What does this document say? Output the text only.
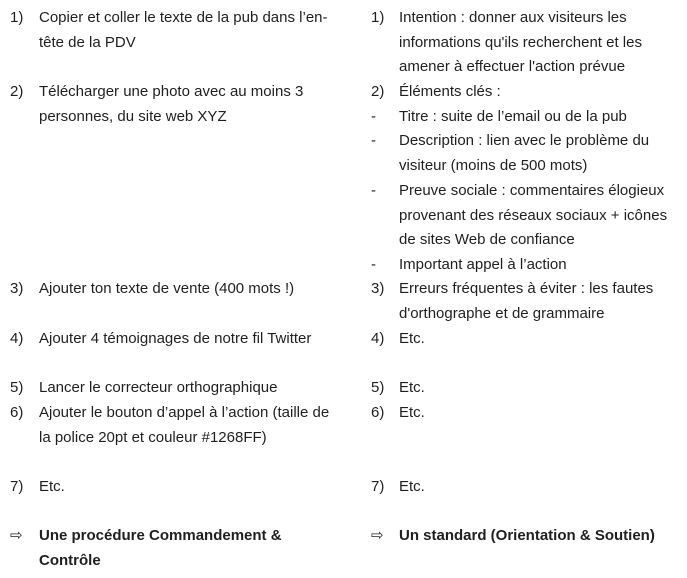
1) Copier et coller le texte de la pub dans l’en-tête de la PDV
2) Télécharger une photo avec au moins 3 personnes, du site web XYZ
3) Ajouter ton texte de vente (400 mots !)
4) Ajouter 4 témoignages de notre fil Twitter
5) Lancer le correcteur orthographique
6) Ajouter le bouton d’appel à l’action (taille de la police 20pt et couleur #1268FF)
7) Etc.
⇨ Une procédure Commandement & Contrôle
1) Intention : donner aux visiteurs les informations qu'ils recherchent et les amener à effectuer l'action prévue
2) Éléments clés :
- Titre : suite de l’email ou de la pub
- Description : lien avec le problème du visiteur (moins de 500 mots)
- Preuve sociale : commentaires élogieux provenant des réseaux sociaux + icônes de sites Web de confiance
- Important appel à l’action
3) Erreurs fréquentes à éviter : les fautes d'orthographe et de grammaire
4) Etc.
5) Etc.
6) Etc.
7) Etc.
⇨ Un standard (Orientation & Soutien)
